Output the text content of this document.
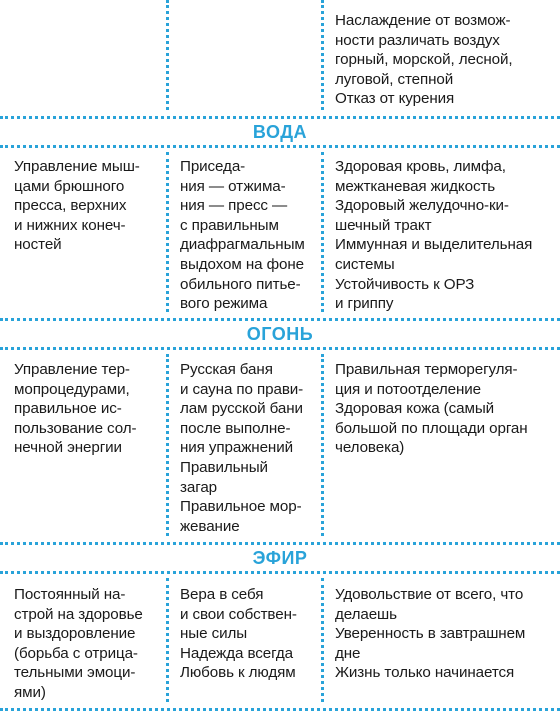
Наслаждение от возмож-
ности различать воздух
горный, морской, лесной,
луговой, степной
Отказ от курения
ВОДА
Управление мыш-
цами брюшного
пресса, верхних
и нижних конеч-
ностей
Приседа-
ния — отжима-
ния — пресс —
с правильным
диафрагмальным
выдохом на фоне
обильного питье-
вого режима
Здоровая кровь, лимфа,
межтканевая жидкость
Здоровый желудочно-ки-
шечный тракт
Иммунная и выделительная
системы
Устойчивость к ОРЗ
и гриппу
ОГОНЬ
Управление тер-
мопроцедурами,
правильное ис-
пользование сол-
нечной энергии
Русская баня
и сауна по прави-
лам русской бани
после выполне-
ния упражнений
Правильный
загар
Правильное мор-
жевание
Правильная терморегуля-
ция и потоотделение
Здоровая кожа (самый
большой по площади орган
человека)
ЭФИР
Постоянный на-
строй на здоровье
и выздоровление
(борьба с отрица-
тельными эмоци-
ями)
Вера в себя
и свои собствен-
ные силы
Надежда всегда
Любовь к людям
Удовольствие от всего, что
делаешь
Уверенность в завтрашнем
дне
Жизнь только начинается
